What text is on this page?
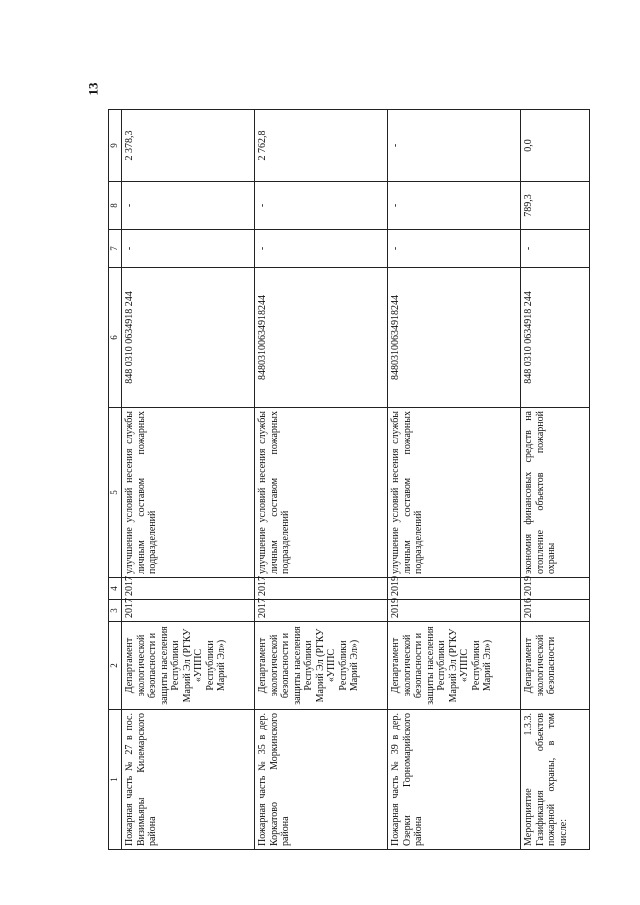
13
1	2	3	4	5	6	7	8	9
Пожарная часть № 27 в пос. Визимьяры Килемарского района	Департамент экологической безопасности и защиты населения Республики Марий Эл (РГКУ «УППС Республики Марий Эл»)	2017	2017	улучшение условий несения службы личным составом пожарных подразделений	848 0310 0634918 244	-	-	2 378,3
Пожарная часть № 35 в дер. Коркатово Моркинского района	Департамент экологической безопасности и защиты населения Республики Марий Эл (РГКУ «УППС Республики Марий Эл»)	2017	2017	улучшение условий несения службы личным составом пожарных подразделений	84803100634918244	-	-	2 762,8
Пожарная часть № 39 в дер. Озерки Горномарийского района	Департамент экологической безопасности и защиты населения Республики Марий Эл (РГКУ «УППС Республики Марий Эл»)	2019	2019	улучшение условий несения службы личным составом пожарных подразделений	84803100634918244	-	-	-
Мероприятие 1.3.3. Газификация объектов пожарной охраны, в том числе:	Департамент экологической безопасности	2016	2019	экономия финансовых средств на отопление объектов пожарной охраны	848 0310 0634918 244	-	789,3	0,0
